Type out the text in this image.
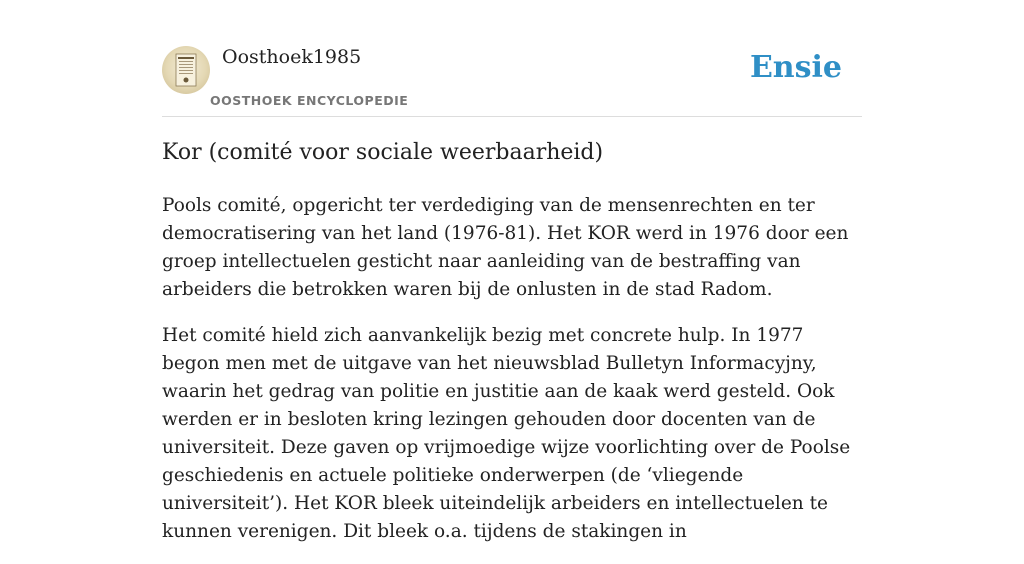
Oosthoek1985
OOSTHOEK ENCYCLOPEDIE
Ensie
Kor (comité voor sociale weerbaarheid)

Pools comité, opgericht ter verdediging van de mensenrechten en ter democratisering van het land (1976-81). Het KOR werd in 1976 door een groep intellectuelen gesticht naar aanleiding van de bestraffing van arbeiders die betrokken waren bij de onlusten in de stad Radom.

Het comité hield zich aanvankelijk bezig met concrete hulp. In 1977 begon men met de uitgave van het nieuwsblad Bulletyn Informacyjny, waarin het gedrag van politie en justitie aan de kaak werd gesteld. Ook werden er in besloten kring lezingen gehouden door docenten van de universiteit. Deze gaven op vrijmoedige wijze voorlichting over de Poolse geschiedenis en actuele politieke onderwerpen (de ‘vliegende universiteit’). Het KOR bleek uiteindelijk arbeiders en intellectuelen te kunnen verenigen. Dit bleek o.a. tijdens de stakingen in
